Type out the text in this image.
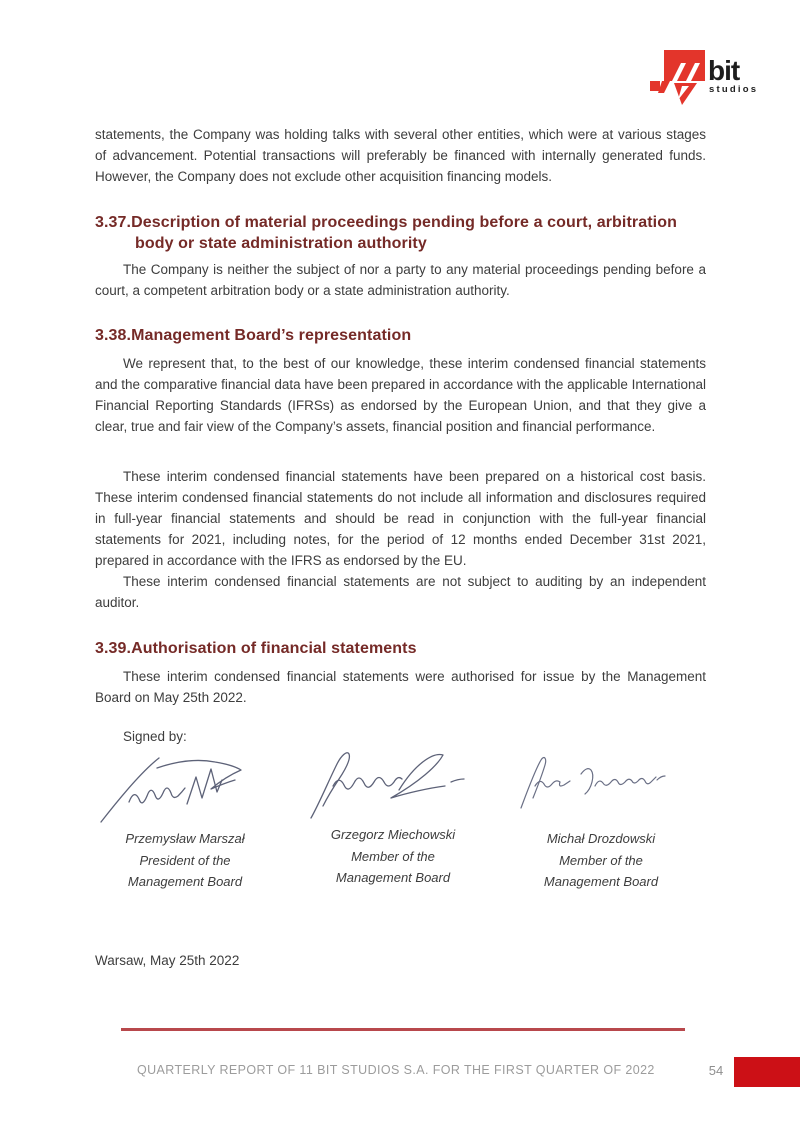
bit
studios

statements, the Company was holding talks with several other entities, which were at various stages of advancement. Potential transactions will preferably be financed with internally generated funds. However, the Company does not exclude other acquisition financing models.

3.37.Description of material proceedings pending before a court, arbitration body or state administration authority

The Company is neither the subject of nor a party to any material proceedings pending before a court, a competent arbitration body or a state administration authority.

3.38.Management Board’s representation

We represent that, to the best of our knowledge, these interim condensed financial statements and the comparative financial data have been prepared in accordance with the applicable International Financial Reporting Standards (IFRSs) as endorsed by the European Union, and that they give a clear, true and fair view of the Company’s assets, financial position and financial performance.

These interim condensed financial statements have been prepared on a historical cost basis. These interim condensed financial statements do not include all information and disclosures required in full-year financial statements and should be read in conjunction with the full-year financial statements for 2021, including notes, for the period of 12 months ended December 31st 2021, prepared in accordance with the IFRS as endorsed by the EU.

These interim condensed financial statements are not subject to auditing by an independent auditor.

3.39.Authorisation of financial statements

These interim condensed financial statements were authorised for issue by the Management Board on May 25th 2022.

Signed by:

Przemysław Marszał
President of the
Management Board
Grzegorz Miechowski
Member of the
Management Board
Michał Drozdowski
Member of the
Management Board

Warsaw, May 25th 2022

QUARTERLY REPORT OF 11 BIT STUDIOS S.A. FOR THE FIRST QUARTER OF 2022	54
